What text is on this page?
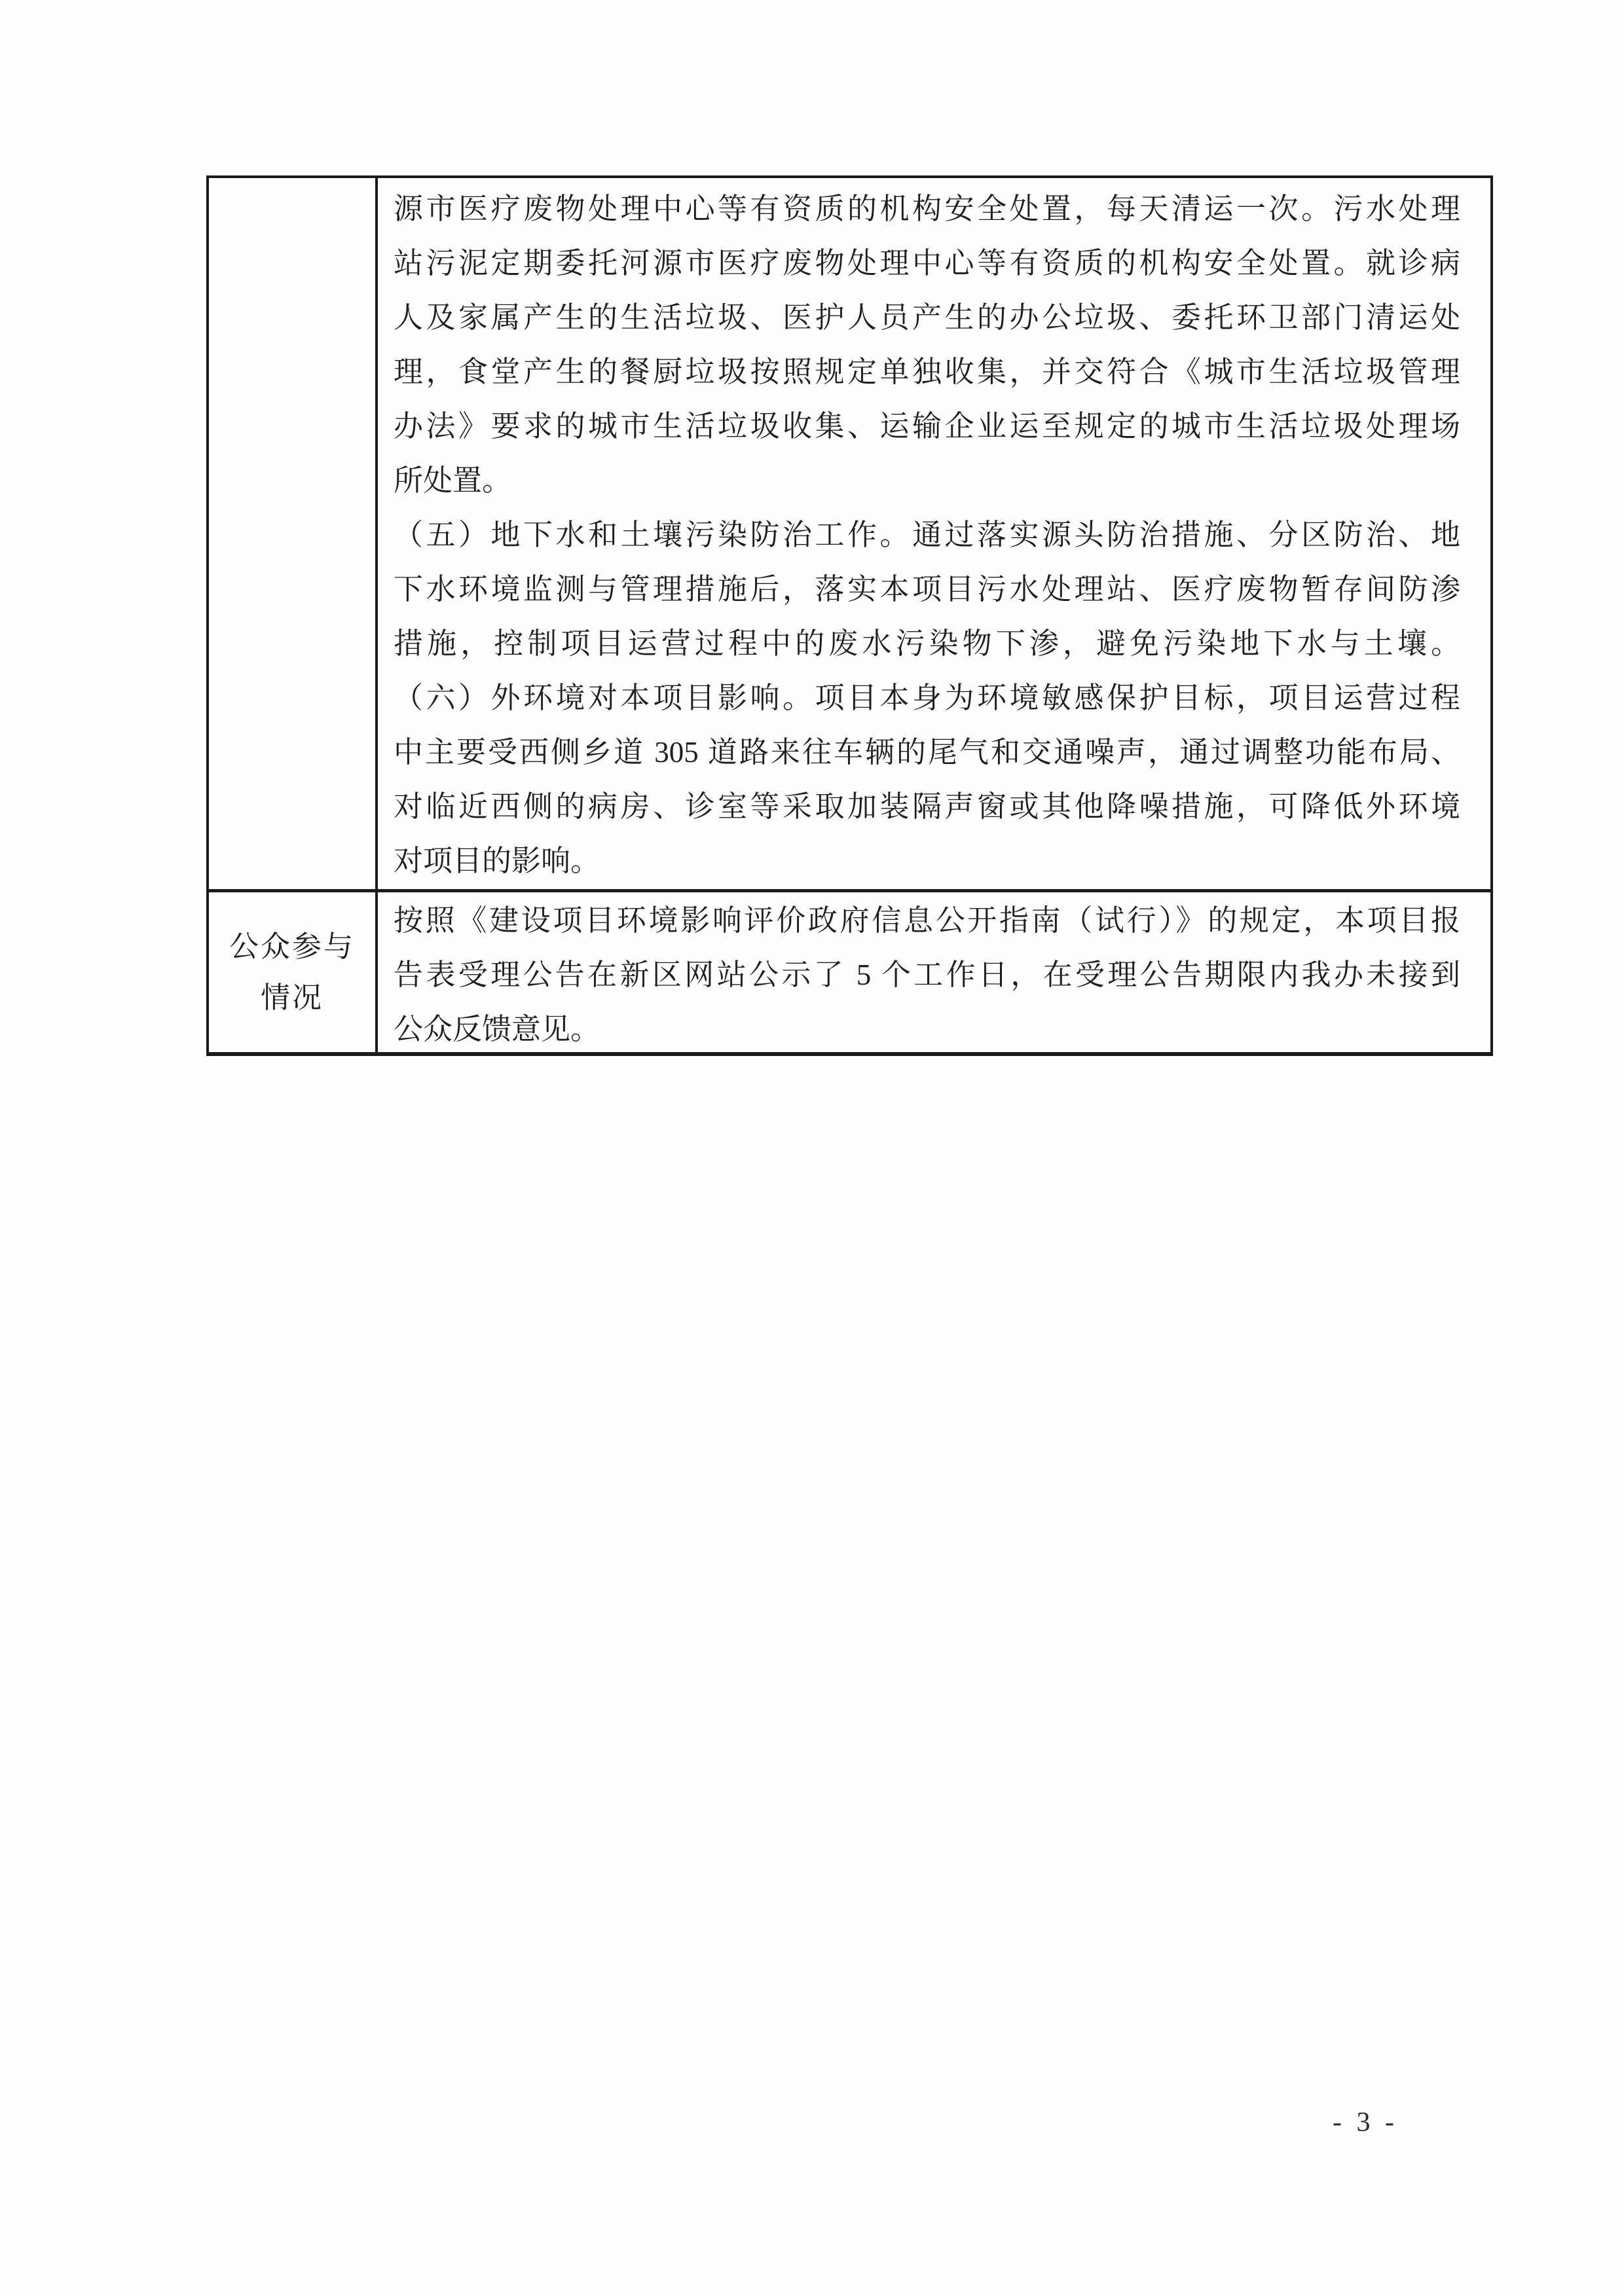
源市医疗废物处理中心等有资质的机构安全处置，每天清运一次。污水处理
站污泥定期委托河源市医疗废物处理中心等有资质的机构安全处置。就诊病
人及家属产生的生活垃圾、医护人员产生的办公垃圾、委托环卫部门清运处
理，食堂产生的餐厨垃圾按照规定单独收集，并交符合《城市生活垃圾管理
办法》要求的城市生活垃圾收集、运输企业运至规定的城市生活垃圾处理场
所处置。
（五）地下水和土壤污染防治工作。通过落实源头防治措施、分区防治、地
下水环境监测与管理措施后，落实本项目污水处理站、医疗废物暂存间防渗
措施，控制项目运营过程中的废水污染物下渗，避免污染地下水与土壤。
（六）外环境对本项目影响。项目本身为环境敏感保护目标，项目运营过程
中主要受西侧乡道 305 道路来往车辆的尾气和交通噪声，通过调整功能布局、
对临近西侧的病房、诊室等采取加装隔声窗或其他降噪措施，可降低外环境
对项目的影响。
公众参与
情况
按照《建设项目环境影响评价政府信息公开指南（试行）》的规定，本项目报
告表受理公告在新区网站公示了 5 个工作日，在受理公告期限内我办未接到
公众反馈意见。
- 3 -
